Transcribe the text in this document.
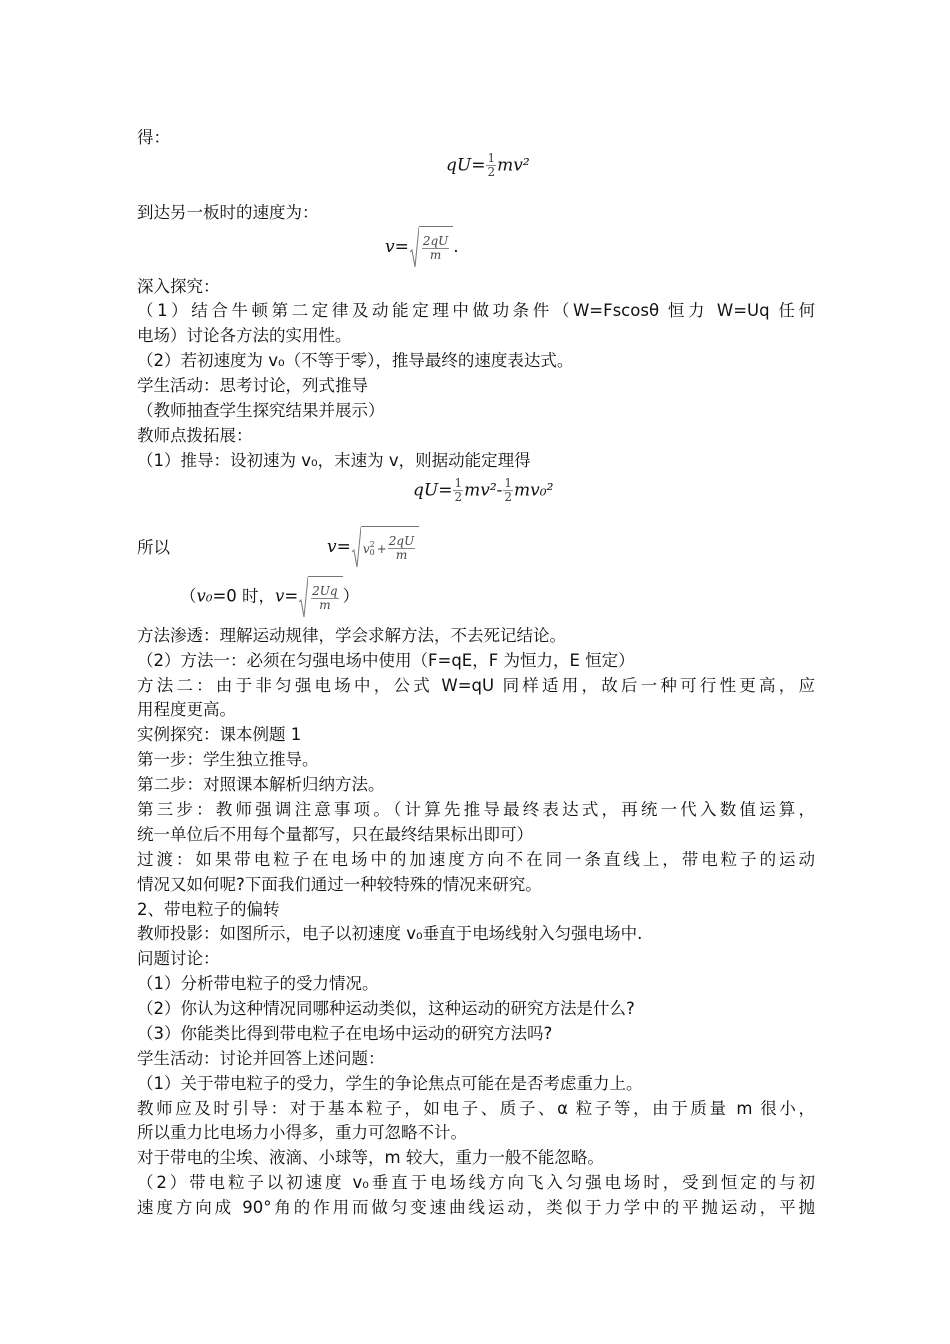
得：
$qU= \frac{1}{2} mv^2$
到达另一板时的速度为：
$v= \frac{2qU}{m}$ .
深入探究：
（1）结合牛顿第二定律及动能定理中做功条件（W=Fscosθ 恒力 W=Uq 任何
电场）讨论各方法的实用性。
（2）若初速度为 v₀（不等于零），推导最终的速度表达式。
学生活动：思考讨论，列式推导
（教师抽查学生探究结果并展示）
教师点拨拓展：
（1）推导：设初速为 v₀，末速为 v，则据动能定理得
$qU= \frac{1}{2} mv^2- \frac{1}{2} mv_0^2$
所以	v= v 2
$0 + \frac{2qU}{m}$
（v₀=0 时，$v= \frac{2Uq}{m}$ ）
方法渗透：理解运动规律，学会求解方法，不去死记结论。
（2）方法一：必须在匀强电场中使用（F=qE，F 为恒力，E 恒定）
方法二：由于非匀强电场中，公式 W=qU 同样适用，故后一种可行性更高，应
用程度更高。
实例探究：课本例题 1
第一步：学生独立推导。
第二步：对照课本解析归纳方法。
第三步：教师强调注意事项。（计算先推导最终表达式，再统一代入数值运算，
统一单位后不用每个量都写，只在最终结果标出即可）
过渡：如果带电粒子在电场中的加速度方向不在同一条直线上，带电粒子的运动
情况又如何呢?下面我们通过一种较特殊的情况来研究。
2、带电粒子的偏转
教师投影：如图所示，电子以初速度 v₀垂直于电场线射入匀强电场中.
问题讨论：
（1）分析带电粒子的受力情况。
（2）你认为这种情况同哪种运动类似，这种运动的研究方法是什么?
（3）你能类比得到带电粒子在电场中运动的研究方法吗?
学生活动：讨论并回答上述问题：
（1）关于带电粒子的受力，学生的争论焦点可能在是否考虑重力上。
教师应及时引导：对于基本粒子，如电子、质子、α 粒子等，由于质量 m 很小，
所以重力比电场力小得多，重力可忽略不计。
对于带电的尘埃、液滴、小球等，m 较大，重力一般不能忽略。
（2）带电粒子以初速度 v₀垂直于电场线方向飞入匀强电场时，受到恒定的与初
速度方向成 90°角的作用而做匀变速曲线运动，类似于力学中的平抛运动，平抛
